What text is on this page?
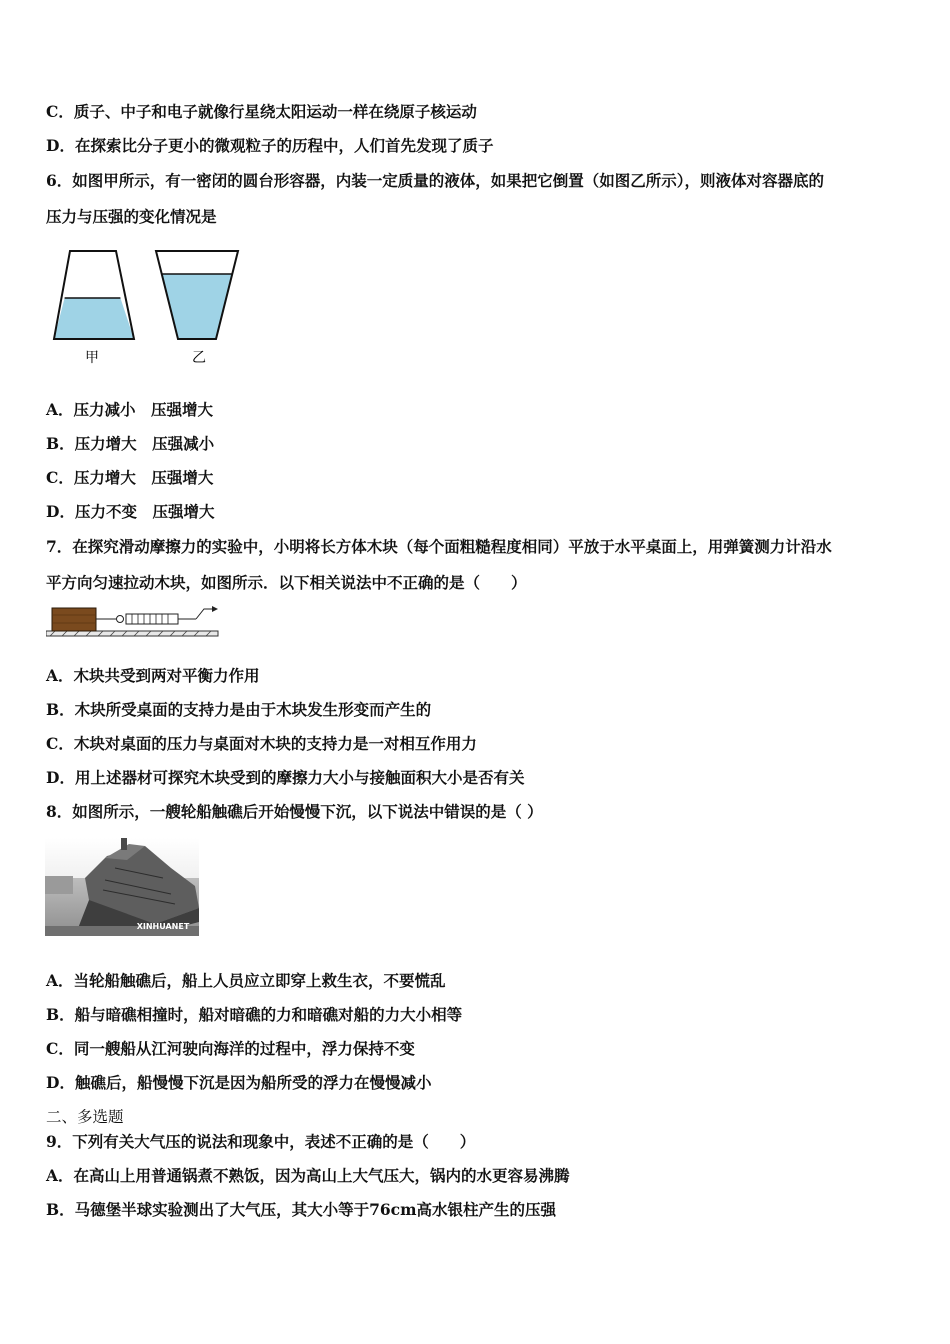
C．质子、中子和电子就像行星绕太阳运动一样在绕原子核运动
D．在探索比分子更小的微观粒子的历程中，人们首先发现了质子
6．如图甲所示，有一密闭的圆台形容器，内装一定质量的液体，如果把它倒置（如图乙所示），则液体对容器底的
压力与压强的变化情况是
甲	乙
A．压力减小　压强增大
B．压力增大　压强减小
C．压力增大　压强增大
D．压力不变　压强增大
7．在探究滑动摩擦力的实验中，小明将长方体木块（每个面粗糙程度相同）平放于水平桌面上，用弹簧测力计沿水
平方向匀速拉动木块，如图所示．以下相关说法中不正确的是（　　）
A．木块共受到两对平衡力作用
B．木块所受桌面的支持力是由于木块发生形变而产生的
C．木块对桌面的压力与桌面对木块的支持力是一对相互作用力
D．用上述器材可探究木块受到的摩擦力大小与接触面积大小是否有关
8．如图所示，一艘轮船触礁后开始慢慢下沉，以下说法中错误的是（ ）
XINHUANET
A．当轮船触礁后，船上人员应立即穿上救生衣，不要慌乱
B．船与暗礁相撞时，船对暗礁的力和暗礁对船的力大小相等
C．同一艘船从江河驶向海洋的过程中，浮力保持不变
D．触礁后，船慢慢下沉是因为船所受的浮力在慢慢减小
二、多选题
9．下列有关大气压的说法和现象中，表述不正确的是（　　）
A．在高山上用普通锅煮不熟饭，因为高山上大气压大，锅内的水更容易沸腾
B．马德堡半球实验测出了大气压，其大小等于76cm高水银柱产生的压强
